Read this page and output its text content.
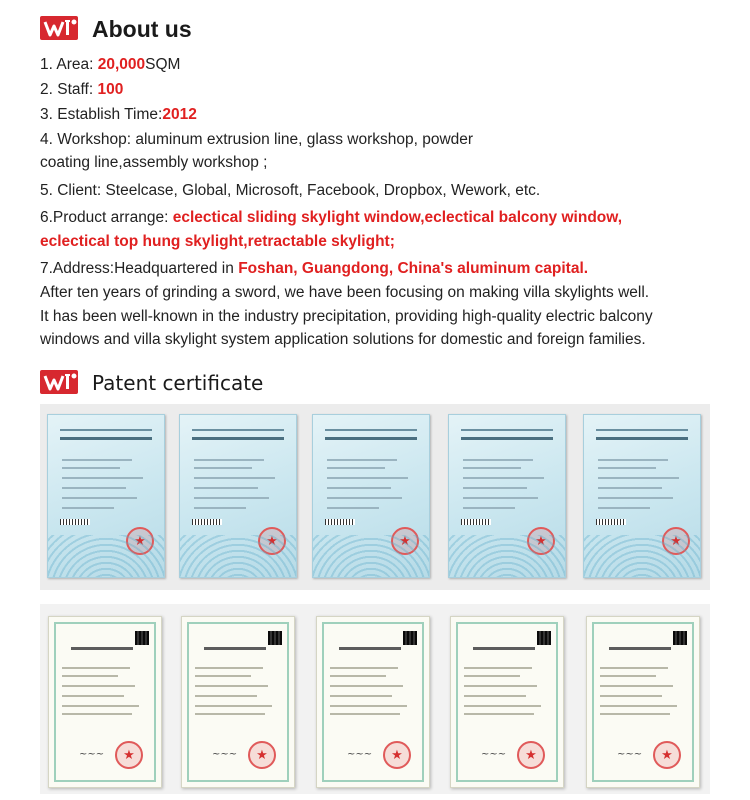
About us
1. Area: 20,000SQM
2. Staff: 100
3. Establish Time:2012
4. Workshop: aluminum extrusion line, glass workshop, powder
coating line,assembly workshop ;
5. Client: Steelcase, Global, Microsoft, Facebook, Dropbox, Wework, etc.
6.Product arrange: eclectical sliding skylight window,eclectical balcony window,
eclectical top hung skylight,retractable skylight;
7.Address:Headquartered in Foshan, Guangdong, China's aluminum capital.
After ten years of grinding a sword, we have been focusing on making villa skylights well.
It has been well-known in the industry precipitation, providing high-quality electric balcony
windows and villa skylight system application solutions for domestic and foreign families.
Patent certificate
★
★
★
★
★
~~~ ★	~~~ ★	~~~ ★	~~~ ★	~~~
★
